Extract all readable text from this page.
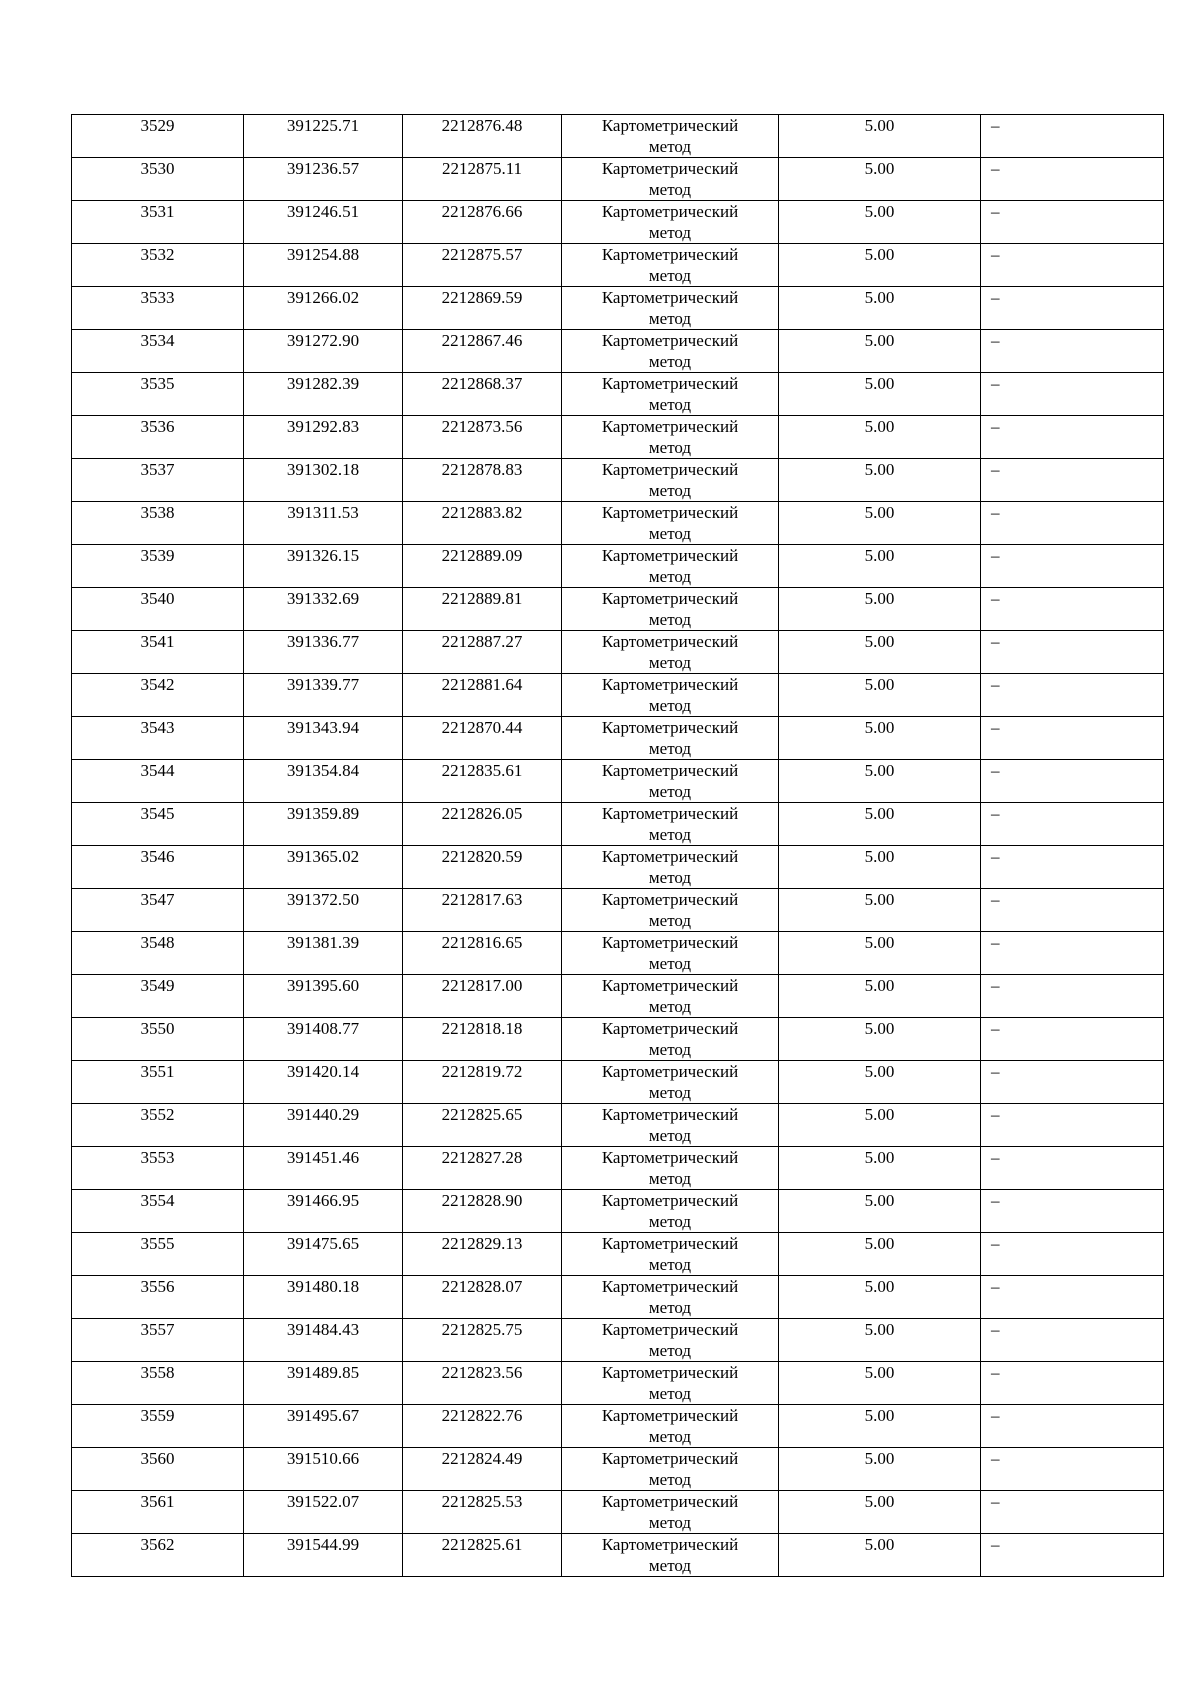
3529	391225.71	2212876.48	Картометрический метод	5.00	–

3530	391236.57	2212875.11	Картометрический метод	5.00	–

3531	391246.51	2212876.66	Картометрический метод	5.00	–

3532	391254.88	2212875.57	Картометрический метод	5.00	–

3533	391266.02	2212869.59	Картометрический метод	5.00	–

3534	391272.90	2212867.46	Картометрический метод	5.00	–

3535	391282.39	2212868.37	Картометрический метод	5.00	–

3536	391292.83	2212873.56	Картометрический метод	5.00	–

3537	391302.18	2212878.83	Картометрический метод	5.00	–

3538	391311.53	2212883.82	Картометрический метод	5.00	–

3539	391326.15	2212889.09	Картометрический метод	5.00	–

3540	391332.69	2212889.81	Картометрический метод	5.00	–

3541	391336.77	2212887.27	Картометрический метод	5.00	–

3542	391339.77	2212881.64	Картометрический метод	5.00	–

3543	391343.94	2212870.44	Картометрический метод	5.00	–

3544	391354.84	2212835.61	Картометрический метод	5.00	–

3545	391359.89	2212826.05	Картометрический метод	5.00	–

3546	391365.02	2212820.59	Картометрический метод	5.00	–

3547	391372.50	2212817.63	Картометрический метод	5.00	–

3548	391381.39	2212816.65	Картометрический метод	5.00	–

3549	391395.60	2212817.00	Картометрический метод	5.00	–

3550	391408.77	2212818.18	Картометрический метод	5.00	–

3551	391420.14	2212819.72	Картометрический метод	5.00	–

3552	391440.29	2212825.65	Картометрический метод	5.00	–

3553	391451.46	2212827.28	Картометрический метод	5.00	–

3554	391466.95	2212828.90	Картометрический метод	5.00	–

3555	391475.65	2212829.13	Картометрический метод	5.00	–

3556	391480.18	2212828.07	Картометрический метод	5.00	–

3557	391484.43	2212825.75	Картометрический метод	5.00	–

3558	391489.85	2212823.56	Картометрический метод	5.00	–

3559	391495.67	2212822.76	Картометрический метод	5.00	–

3560	391510.66	2212824.49	Картометрический метод	5.00	–

3561	391522.07	2212825.53	Картометрический метод	5.00	–

3562	391544.99	2212825.61	Картометрический метод	5.00	–
